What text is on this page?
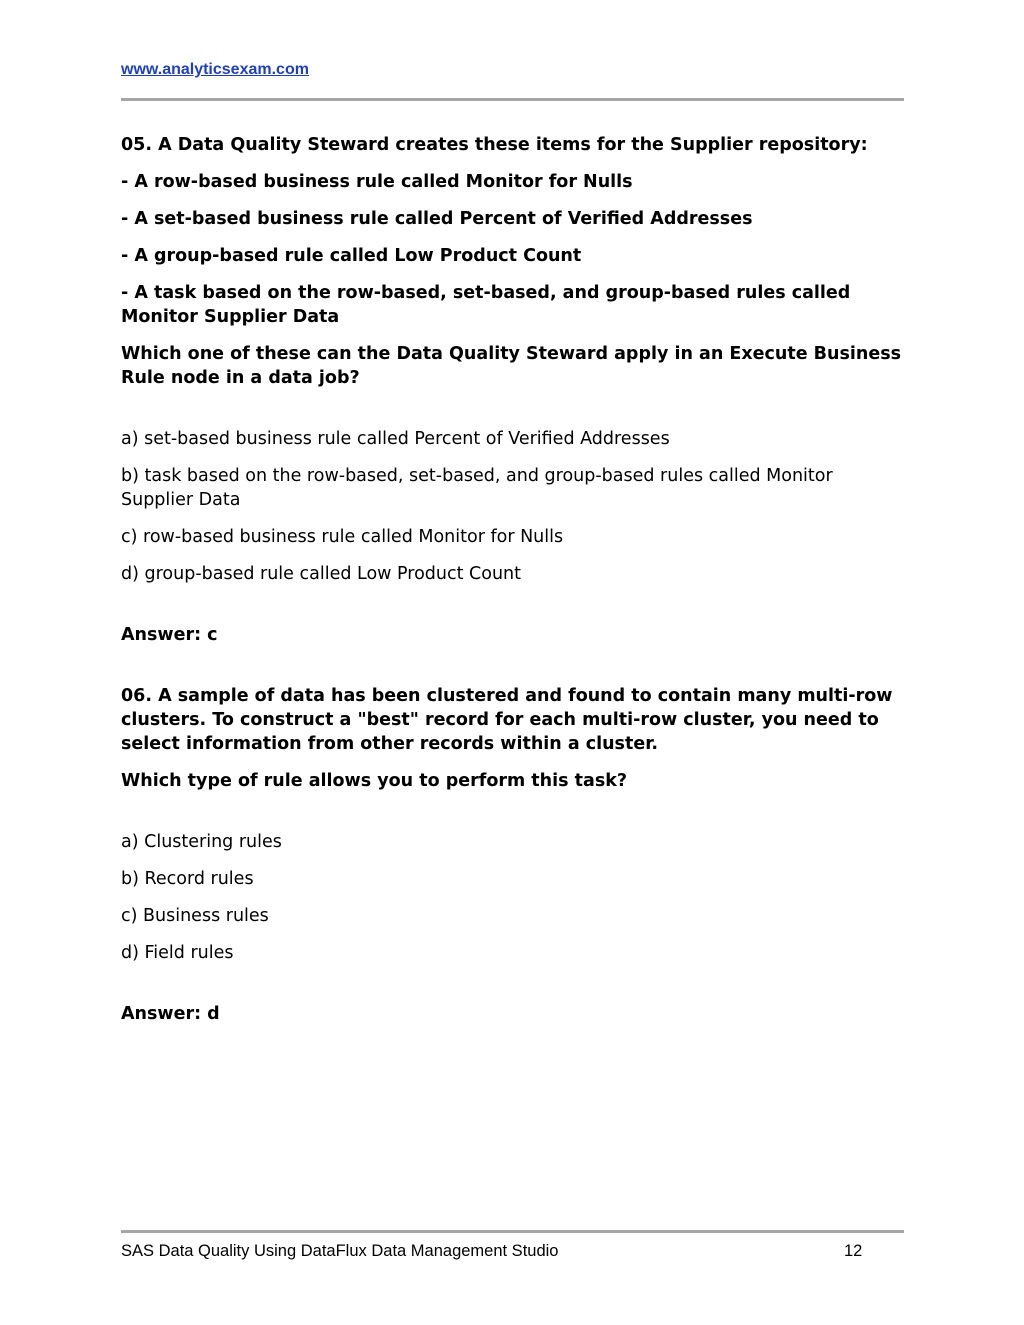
www.analyticsexam.com

05. A Data Quality Steward creates these items for the Supplier repository:

- A row-based business rule called Monitor for Nulls

- A set-based business rule called Percent of Verified Addresses

- A group-based rule called Low Product Count

- A task based on the row-based, set-based, and group-based rules called Monitor Supplier Data

Which one of these can the Data Quality Steward apply in an Execute Business Rule node in a data job?

a) set-based business rule called Percent of Verified Addresses

b) task based on the row-based, set-based, and group-based rules called Monitor Supplier Data

c) row-based business rule called Monitor for Nulls

d) group-based rule called Low Product Count

Answer: c

06. A sample of data has been clustered and found to contain many multi-row clusters. To construct a "best" record for each multi-row cluster, you need to select information from other records within a cluster.

Which type of rule allows you to perform this task?

a) Clustering rules

b) Record rules

c) Business rules

d) Field rules

Answer: d

SAS Data Quality Using DataFlux Data Management Studio	12
